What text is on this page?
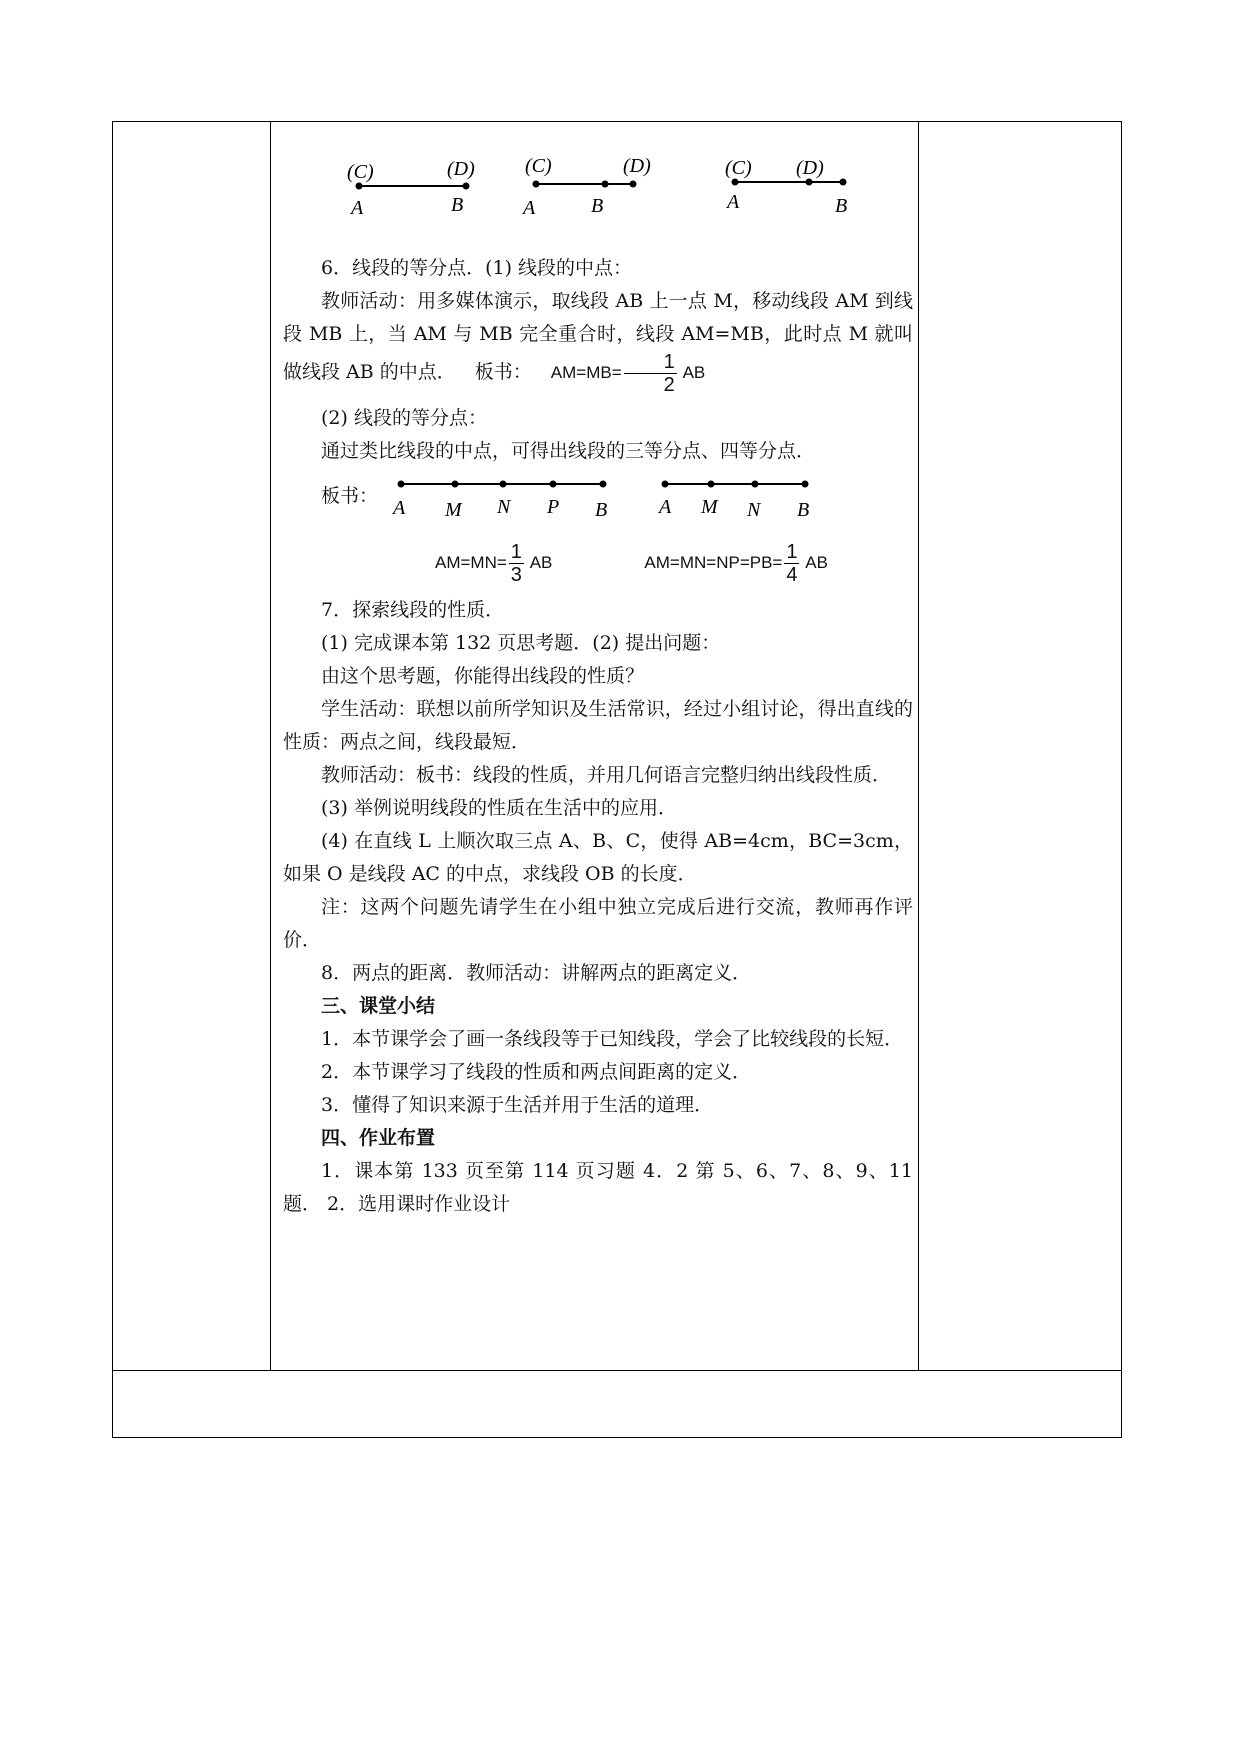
(C)	(D)
A	B
(C)	(D)
A	B
(C) (D)
A	B

6．线段的等分点．(1) 线段的中点：

教师活动：用多媒体演示，取线段 AB 上一点 M，移动线段 AM 到线段 MB 上，当 AM 与 MB 完全重合时，线段 AM=MB，此时点 M 就叫做线段 AB 的中点．  板书：  $AM=MB= \frac{1}{2}$ AB

(2) 线段的等分点：

通过类比线段的中点，可得出线段的三等分点、四等分点．

板书：
A M N P B	A M N B
$AM=MN= \frac{1}{3}$ AB	$AM=MN=NP=PB= \frac{1}{4}$ AB

7．探索线段的性质．

(1) 完成课本第 132 页思考题．(2) 提出问题：

由这个思考题，你能得出线段的性质？

学生活动：联想以前所学知识及生活常识，经过小组讨论，得出直线的性质：两点之间，线段最短．

教师活动：板书：线段的性质，并用几何语言完整归纳出线段性质．

(3) 举例说明线段的性质在生活中的应用．

(4) 在直线 L 上顺次取三点 A、B、C，使得 AB=4cm，BC=3cm，如果 O 是线段 AC 的中点，求线段 OB 的长度．

注：这两个问题先请学生在小组中独立完成后进行交流，教师再作评价．

8．两点的距离．教师活动：讲解两点的距离定义．

三、课堂小结

1．本节课学会了画一条线段等于已知线段，学会了比较线段的长短．

2．本节课学习了线段的性质和两点间距离的定义．

3．懂得了知识来源于生活并用于生活的道理．

四、作业布置

1．课本第 133 页至第 114 页习题 4．2 第 5、6、7、8、9、11 题． 2．选用课时作业设计
